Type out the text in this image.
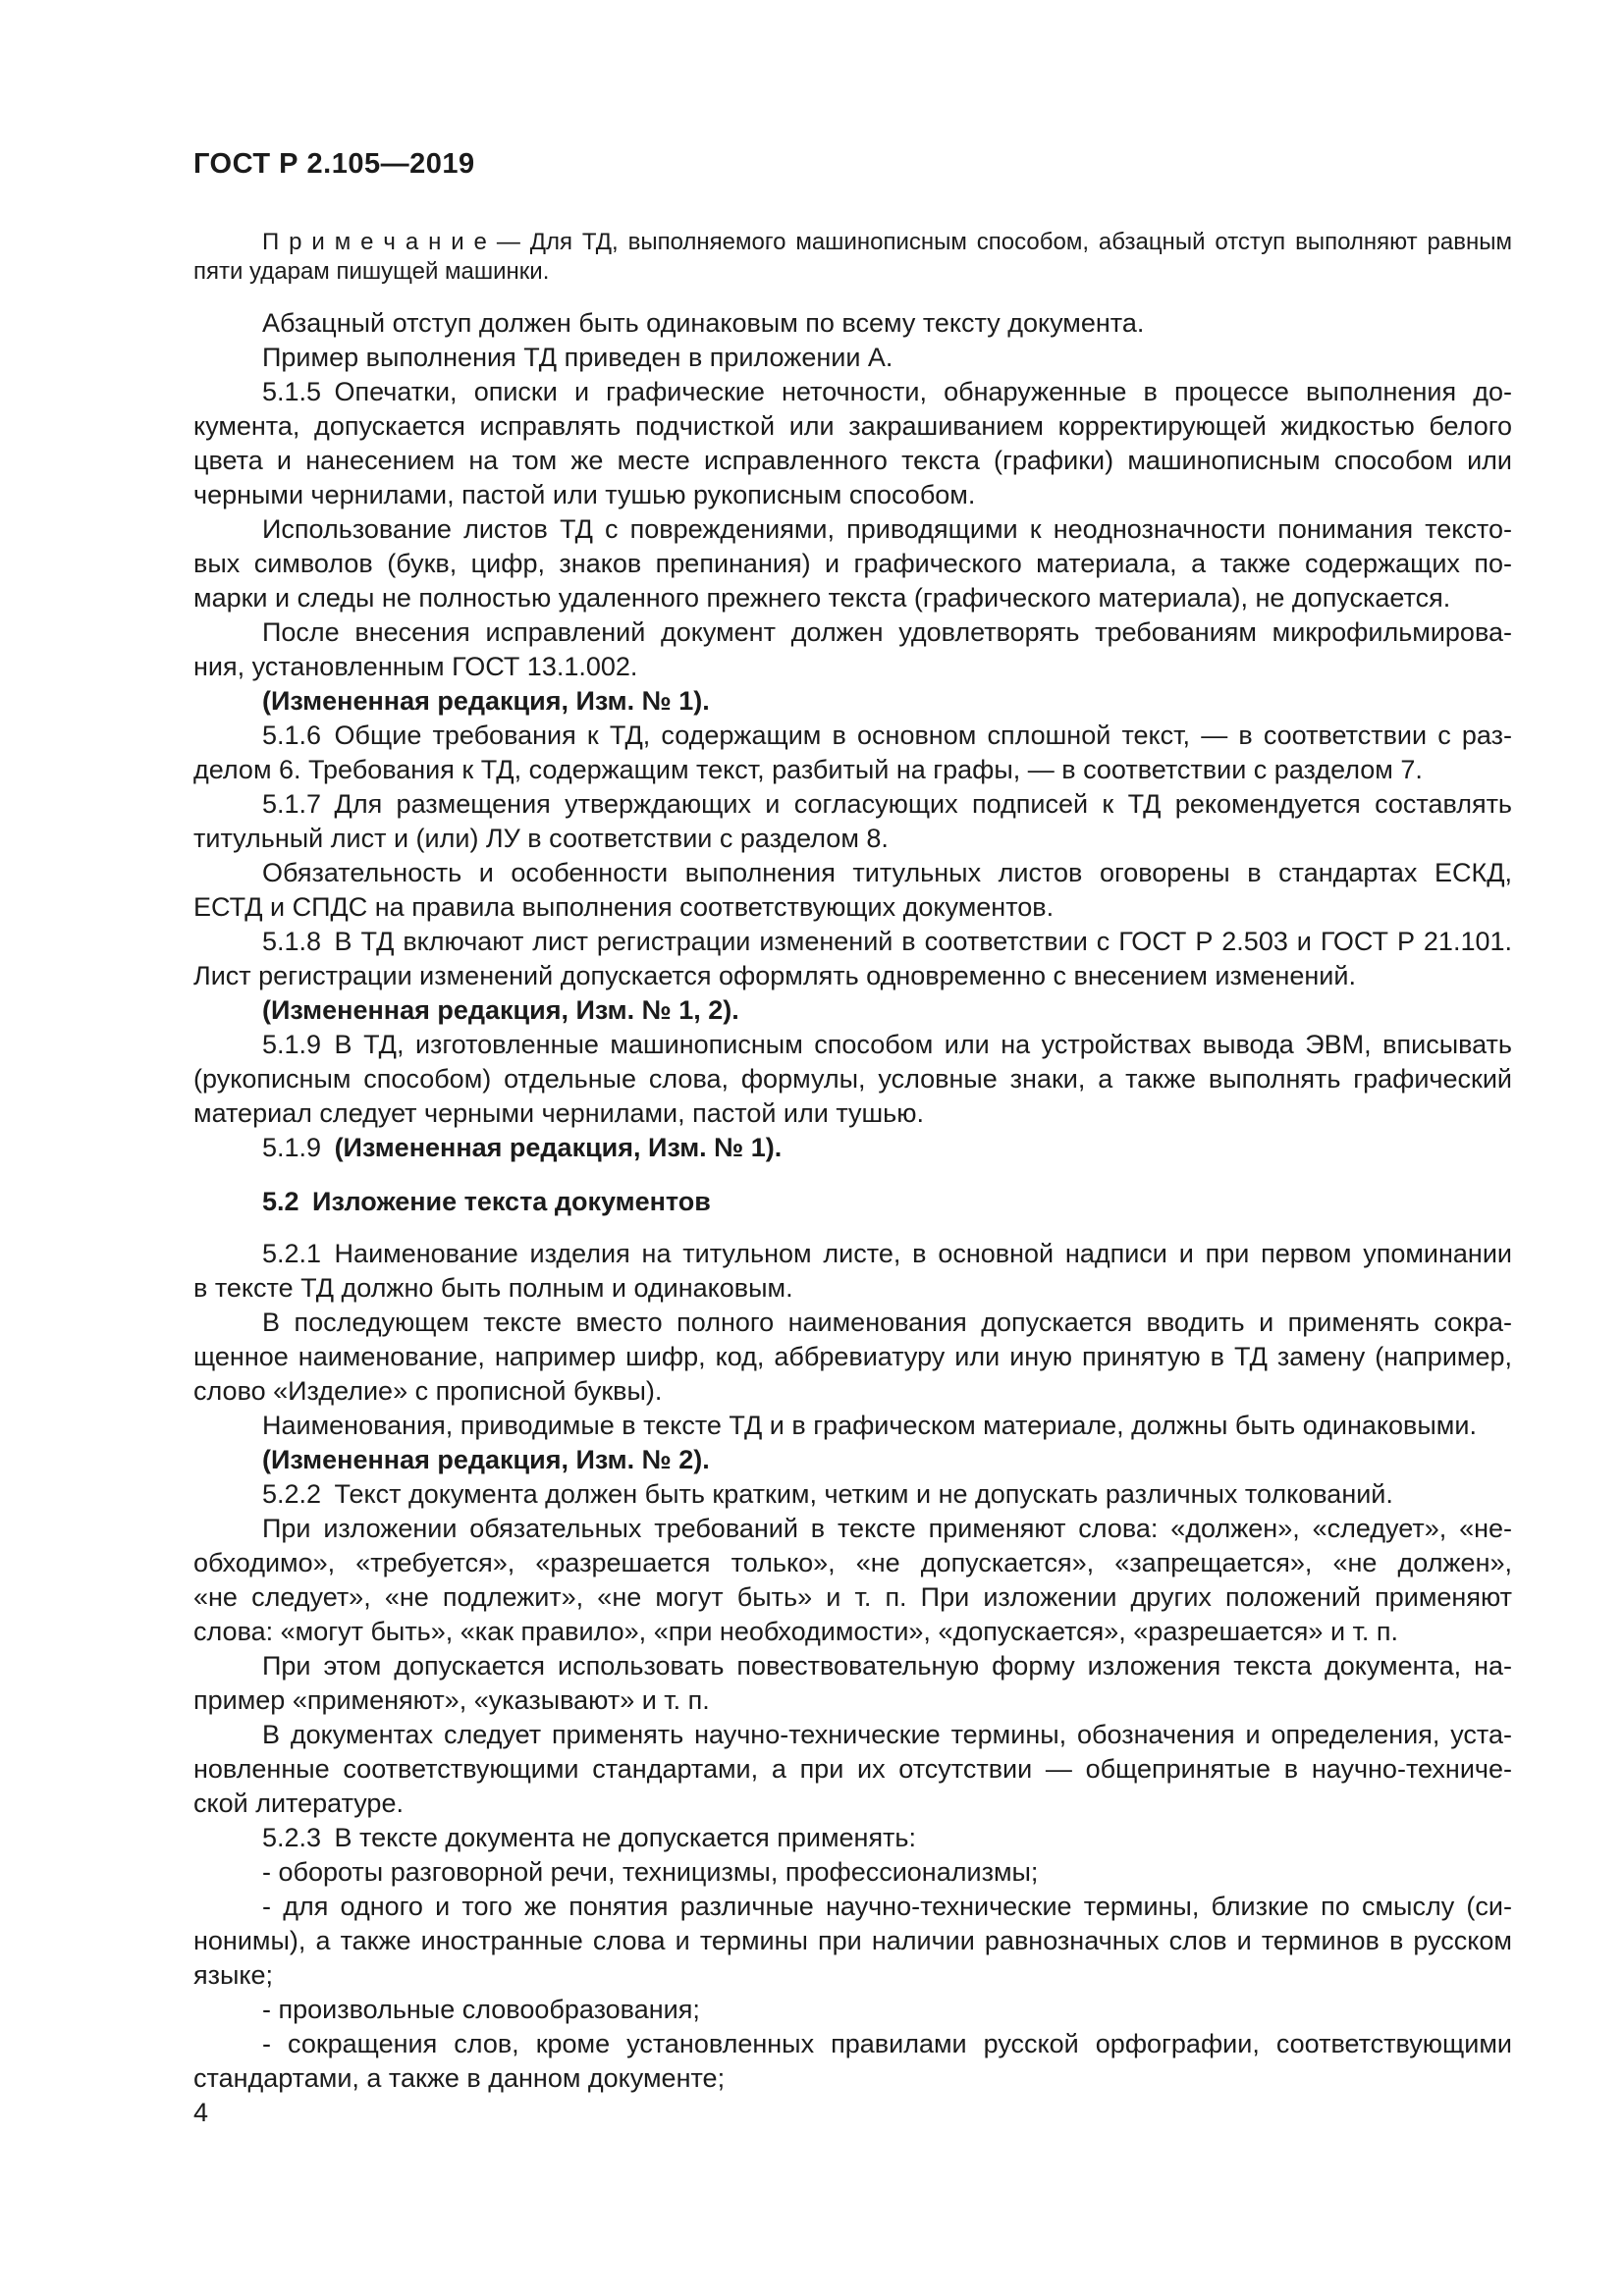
ГОСТ Р 2.105—2019
П р и м е ч а н и е — Для ТД, выполняемого машинописным способом, абзацный отступ выполняют равным
пяти ударам пишущей машинки.
Абзацный отступ должен быть одинаковым по всему тексту документа.
Пример выполнения ТД приведен в приложении А.
5.1.5 Опечатки, описки и графические неточности, обнаруженные в процессе выполнения до-
кумента, допускается исправлять подчисткой или закрашиванием корректирующей жидкостью белого
цвета и нанесением на том же месте исправленного текста (графики) машинописным способом или
черными чернилами, пастой или тушью рукописным способом.
Использование листов ТД с повреждениями, приводящими к неоднозначности понимания тексто-
вых символов (букв, цифр, знаков препинания) и графического материала, а также содержащих по-
марки и следы не полностью удаленного прежнего текста (графического материала), не допускается.
После внесения исправлений документ должен удовлетворять требованиям микрофильмирова-
ния, установленным ГОСТ 13.1.002.
(Измененная редакция, Изм. № 1).
5.1.6 Общие требования к ТД, содержащим в основном сплошной текст, — в соответствии с раз-
делом 6. Требования к ТД, содержащим текст, разбитый на графы, — в соответствии с разделом 7.
5.1.7 Для размещения утверждающих и согласующих подписей к ТД рекомендуется составлять
титульный лист и (или) ЛУ в соответствии с разделом 8.
Обязательность и особенности выполнения титульных листов оговорены в стандартах ЕСКД,
ЕСТД и СПДС на правила выполнения соответствующих документов.
5.1.8 В ТД включают лист регистрации изменений в соответствии с ГОСТ Р 2.503 и ГОСТ Р 21.101.
Лист регистрации изменений допускается оформлять одновременно с внесением изменений.
(Измененная редакция, Изм. № 1, 2).
5.1.9 В ТД, изготовленные машинописным способом или на устройствах вывода ЭВМ, вписывать
(рукописным способом) отдельные слова, формулы, условные знаки, а также выполнять графический
материал следует черными чернилами, пастой или тушью.
5.1.9 (Измененная редакция, Изм. № 1).
5.2 Изложение текста документов
5.2.1 Наименование изделия на титульном листе, в основной надписи и при первом упоминании
в тексте ТД должно быть полным и одинаковым.
В последующем тексте вместо полного наименования допускается вводить и применять сокра-
щенное наименование, например шифр, код, аббревиатуру или иную принятую в ТД замену (например,
слово «Изделие» с прописной буквы).
Наименования, приводимые в тексте ТД и в графическом материале, должны быть одинаковыми.
(Измененная редакция, Изм. № 2).
5.2.2 Текст документа должен быть кратким, четким и не допускать различных толкований.
При изложении обязательных требований в тексте применяют слова: «должен», «следует», «не-
обходимо», «требуется», «разрешается только», «не допускается», «запрещается», «не должен»,
«не следует», «не подлежит», «не могут быть» и т. п. При изложении других положений применяют
слова: «могут быть», «как правило», «при необходимости», «допускается», «разрешается» и т. п.
При этом допускается использовать повествовательную форму изложения текста документа, на-
пример «применяют», «указывают» и т. п.
В документах следует применять научно-технические термины, обозначения и определения, уста-
новленные соответствующими стандартами, а при их отсутствии — общепринятые в научно-техниче-
ской литературе.
5.2.3 В тексте документа не допускается применять:
- обороты разговорной речи, техницизмы, профессионализмы;
- для одного и того же понятия различные научно-технические термины, близкие по смыслу (си-
нонимы), а также иностранные слова и термины при наличии равнозначных слов и терминов в русском
языке;
- произвольные словообразования;
- сокращения слов, кроме установленных правилами русской орфографии, соответствующими
стандартами, а также в данном документе;
4
